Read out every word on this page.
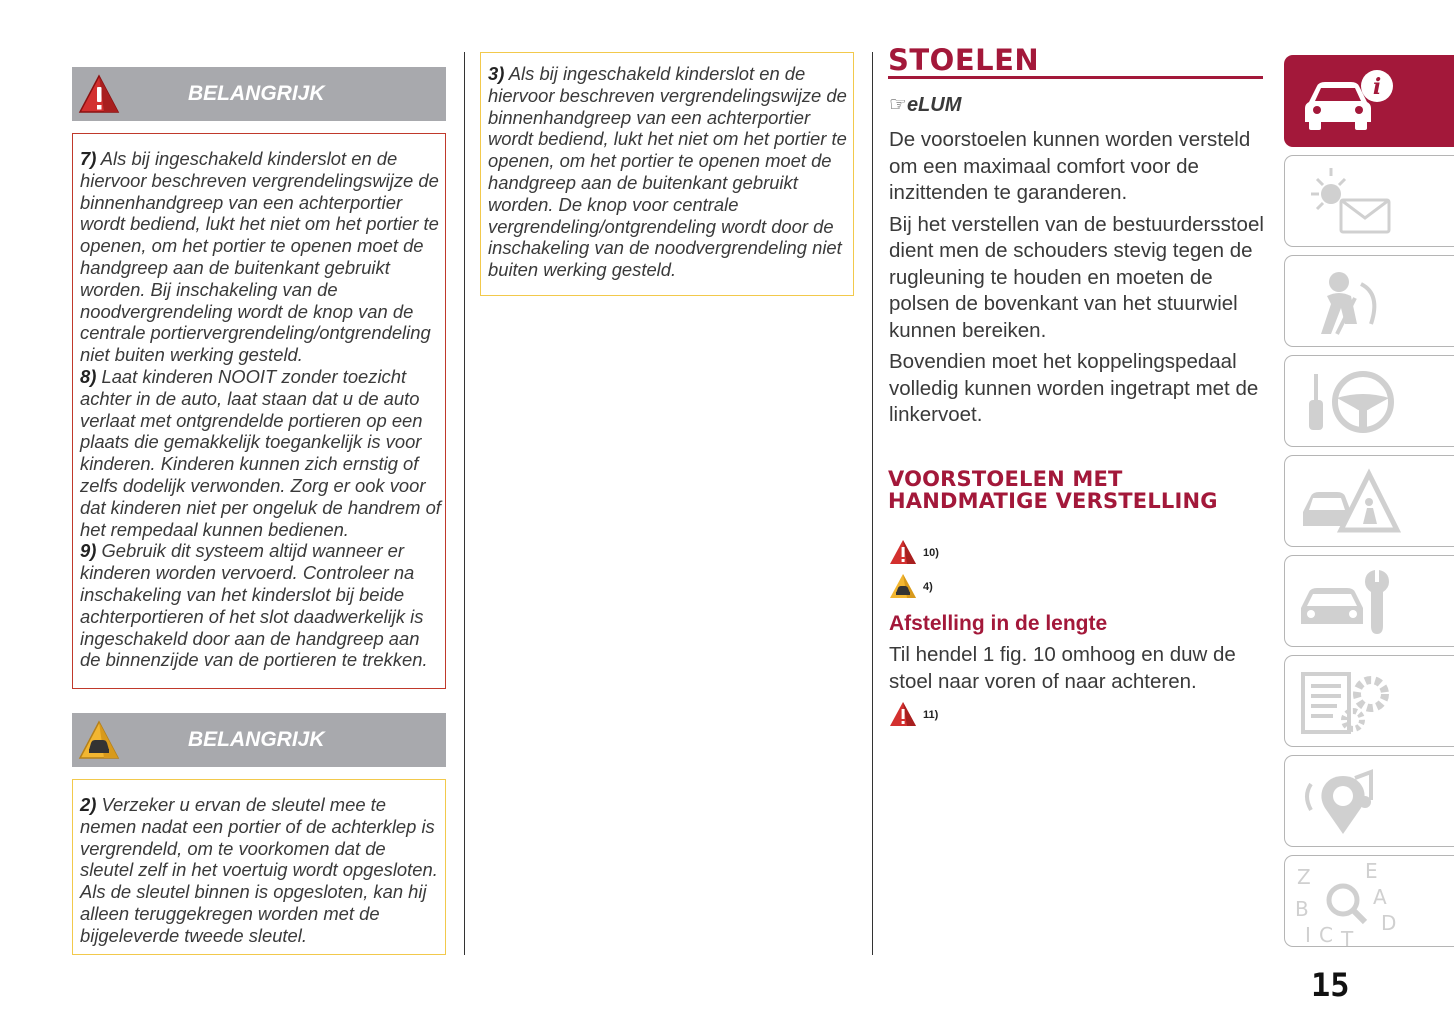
BELANGRIJK

7) Als bij ingeschakeld kinderslot en de hiervoor beschreven vergrendelingswijze de binnenhandgreep van een achterportier wordt bediend, lukt het niet om het portier te openen, om het portier te openen moet de handgreep aan de buitenkant gebruikt worden. Bij inschakeling van de noodvergrendeling wordt de knop van de centrale portiervergrendeling/ontgrendeling niet buiten werking gesteld.

8) Laat kinderen NOOIT zonder toezicht achter in de auto, laat staan dat u de auto verlaat met ontgrendelde portieren op een plaats die gemakkelijk toegankelijk is voor kinderen. Kinderen kunnen zich ernstig of zelfs dodelijk verwonden. Zorg er ook voor dat kinderen niet per ongeluk de handrem of het rempedaal kunnen bedienen.

9) Gebruik dit systeem altijd wanneer er kinderen worden vervoerd. Controleer na inschakeling van het kinderslot bij beide achterportieren of het slot daadwerkelijk is ingeschakeld door aan de handgreep aan de binnenzijde van de portieren te trekken.

BELANGRIJK

2) Verzeker u ervan de sleutel mee te nemen nadat een portier of de achterklep is vergrendeld, om te voorkomen dat de sleutel zelf in het voertuig wordt opgesloten. Als de sleutel binnen is opgesloten, kan hij alleen teruggekregen worden met de bijgeleverde tweede sleutel.

3) Als bij ingeschakeld kinderslot en de hiervoor beschreven vergrendelingswijze de binnenhandgreep van een achterportier wordt bediend, lukt het niet om het portier te openen, om het portier te openen moet de handgreep aan de buitenkant gebruikt worden. De knop voor centrale vergrendeling/ontgrendeling wordt door de inschakeling van de noodvergrendeling niet buiten werking gesteld.

STOELEN
☞eLUM

De voorstoelen kunnen worden versteld om een maximaal comfort voor de inzittenden te garanderen.

Bij het verstellen van de bestuurdersstoel dient men de schouders stevig tegen de rugleuning te houden en moeten de polsen de bovenkant van het stuurwiel kunnen bereiken.

Bovendien moet het koppelingspedaal volledig kunnen worden ingetrapt met de linkervoet.

VOORSTOELEN MET HANDMATIGE VERSTELLING
10)
4)
Afstelling in de lengte
Til hendel 1 fig. 10 omhoog en duw de stoel naar voren of naar achteren.
11)
i
Z	E
A
B
D
I C T
15
